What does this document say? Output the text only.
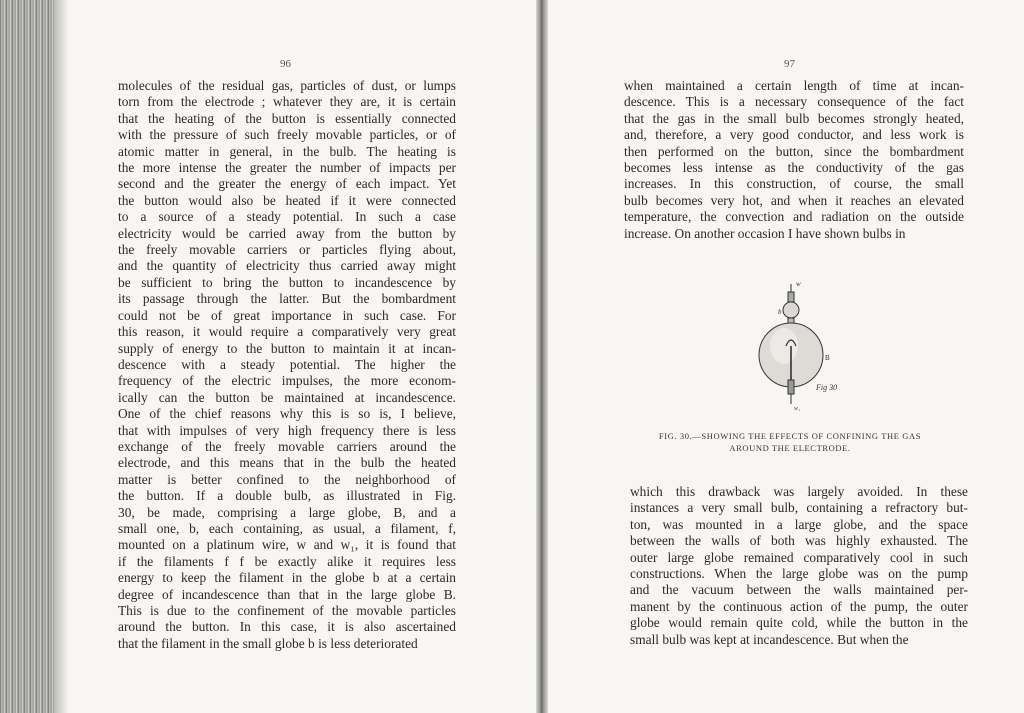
96	97
molecules of the residual gas, particles of dust, or lumps
torn from the electrode ; whatever they are, it is certain
that the heating of the button is essentially connected
with the pressure of such freely movable particles, or of
atomic matter in general, in the bulb. The heating is
the more intense the greater the number of impacts per
second and the greater the energy of each impact. Yet
the button would also be heated if it were connected
to a source of a steady potential. In such a case
electricity would be carried away from the button by
the freely movable carriers or particles flying about,
and the quantity of electricity thus carried away might
be sufficient to bring the button to incandescence by
its passage through the latter. But the bombardment
could not be of great importance in such case. For
this reason, it would require a comparatively very great
supply of energy to the button to maintain it at incan-
descence with a steady potential. The higher the
frequency of the electric impulses, the more econom-
ically can the button be maintained at incandescence.
One of the chief reasons why this is so is, I believe,
that with impulses of very high frequency there is less
exchange of the freely movable carriers around the
electrode, and this means that in the bulb the heated
matter is better confined to the neighborhood of
the button. If a double bulb, as illustrated in Fig.
30, be made, comprising a large globe, B, and a
small one, b, each containing, as usual, a filament, f,
mounted on a platinum wire, w and w₁, it is found that
if the filaments f f be exactly alike it requires less
energy to keep the filament in the globe b at a certain
degree of incandescence than that in the large globe B.
This is due to the confinement of the movable particles
around the button. In this case, it is also ascertained
that the filament in the small globe b is less deteriorated
when maintained a certain length of time at incan-
descence. This is a necessary consequence of the fact
that the gas in the small bulb becomes strongly heated,
and, therefore, a very good conductor, and less work is
then performed on the button, since the bombardment
becomes less intense as the conductivity of the gas
increases. In this construction, of course, the small
bulb becomes very hot, and when it reaches an elevated
temperature, the convection and radiation on the outside
increase. On another occasion I have shown bulbs in
which this drawback was largely avoided. In these
instances a very small bulb, containing a refractory but-
ton, was mounted in a large globe, and the space
between the walls of both was highly exhausted. The
outer large globe remained comparatively cool in such
constructions. When the large globe was on the pump
and the vacuum between the walls maintained per-
manent by the continuous action of the pump, the outer
globe would remain quite cold, while the button in the
small bulb was kept at incandescence. But when the
w
b
B
Fig 30
w₁
FIG. 30.—SHOWING THE EFFECTS OF CONFINING THE GAS
AROUND THE ELECTRODE.
